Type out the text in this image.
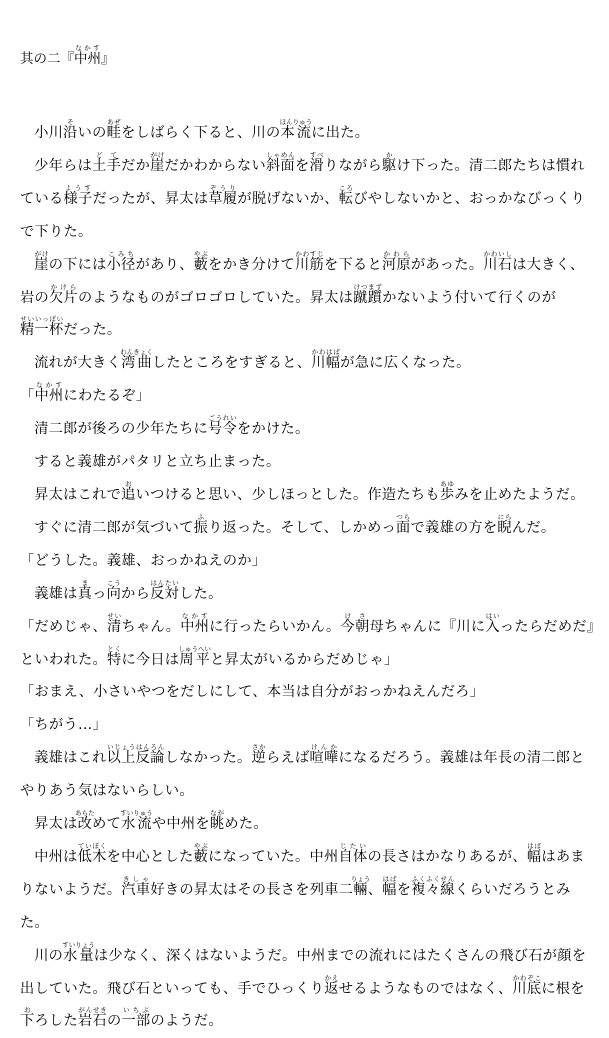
其の二『中州なかす』
小川沿そいの畦あぜをしばらく下ると、川の本流ほんりゅうに出た。
少年らは土手どてだか崖がけだかわからない斜面しゃめんを滑すべりながら駆かけ下った。清二郎たちは慣れている様子ようすだったが、昇太は草履ぞうりが脱げないか、転ころびやしないかと、おっかなびっくりで下りた。
崖がけの下には小径こみちがあり、藪やぶをかき分けて川筋かわすじを下ると河原かわらがあった。川石かわいしは大きく、岩の欠片かけらのようなものがゴロゴロしていた。昇太は蹴躓けつまずかないよう付いて行くのが精一杯せいいっぱいだった。
流れが大きく湾曲わんきょくしたところをすぎると、川幅かわはばが急に広くなった。
「中州なかすにわたるぞ」
清二郎が後ろの少年たちに号令ごうれいをかけた。
すると義雄がパタリと立ち止まった。
昇太はこれで追おいつけると思い、少しほっとした。作造たちも歩あゆみを止めたようだ。
すぐに清二郎が気づいて振ふり返った。そして、しかめっ面つらで義雄の方を睨にらんだ。
「どうした。義雄、おっかねえのか」
義雄は真まっ向こうから反対はんたいした。
「だめじゃ、清せいちゃん。中州なかすに行ったらいかん。今朝けさ母ちゃんに『川に入はいったらだめだ』といわれた。特とくに今日は周平しゅうへいと昇太がいるからだめじゃ」
「おまえ、小さいやつをだしにして、本当は自分がおっかねえんだろ」
「ちがう…」
義雄はこれ以上反論いじょうはんろんしなかった。逆さからえば喧嘩けんかになるだろう。義雄は年長の清二郎とやりあう気はないらしい。
昇太は改あらためて水流すいりゅうや中州を眺ながめた。
中州は低木ていぼくを中心とした藪やぶになっていた。中州自体じたいの長さはかなりあるが、幅はばはあまりないようだ。汽車きしゃ好きの昇太はその長さを列車二輛りょう、幅はばを複々線ふくふくせんくらいだろうとみた。
川の水量すいりょうは少なく、深くはないようだ。中州までの流れにはたくさんの飛び石が顔を出していた。飛び石といっても、手でひっくり返かえせるようなものではなく、川底かわぞこに根を下おろした岩石がんせきの一部いちぶのようだ。
